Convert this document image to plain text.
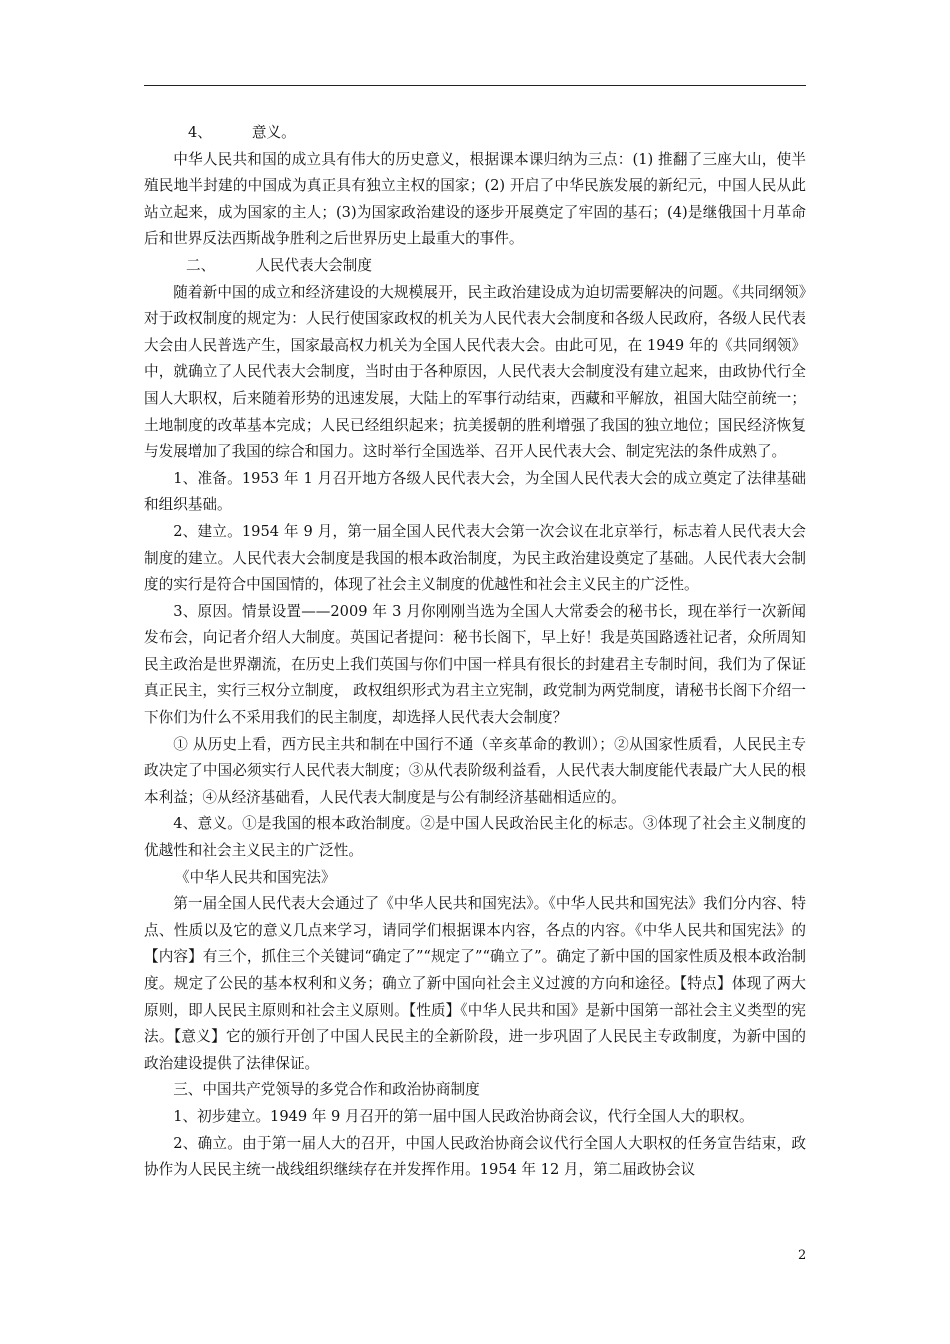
4、	意义。

中华人民共和国的成立具有伟大的历史意义，根据课本课归纳为三点：(1) 推翻了三座大山，使半殖民地半封建的中国成为真正具有独立主权的国家；(2) 开启了中华民族发展的新纪元，中国人民从此站立起来，成为国家的主人；(3)为国家政治建设的逐步开展奠定了牢固的基石；(4)是继俄国十月革命后和世界反法西斯战争胜利之后世界历史上最重大的事件。

二、	人民代表大会制度

随着新中国的成立和经济建设的大规模展开，民主政治建设成为迫切需要解决的问题。《共同纲领》对于政权制度的规定为：人民行使国家政权的机关为人民代表大会制度和各级人民政府，各级人民代表大会由人民普选产生，国家最高权力机关为全国人民代表大会。由此可见，在 1949 年的《共同纲领》中，就确立了人民代表大会制度，当时由于各种原因，人民代表大会制度没有建立起来，由政协代行全国人大职权，后来随着形势的迅速发展，大陆上的军事行动结束，西藏和平解放，祖国大陆空前统一；土地制度的改革基本完成；人民已经组织起来；抗美援朝的胜利增强了我国的独立地位；国民经济恢复与发展增加了我国的综合和国力。这时举行全国选举、召开人民代表大会、制定宪法的条件成熟了。

1、准备。1953 年 1 月召开地方各级人民代表大会，为全国人民代表大会的成立奠定了法律基础和组织基础。

2、建立。1954 年 9 月，第一届全国人民代表大会第一次会议在北京举行，标志着人民代表大会制度的建立。人民代表大会制度是我国的根本政治制度，为民主政治建设奠定了基础。人民代表大会制度的实行是符合中国国情的，体现了社会主义制度的优越性和社会主义民主的广泛性。

3、原因。情景设置——2009 年 3 月你刚刚当选为全国人大常委会的秘书长，现在举行一次新闻发布会，向记者介绍人大制度。英国记者提问：秘书长阁下，早上好！我是英国路透社记者，众所周知民主政治是世界潮流，在历史上我们英国与你们中国一样具有很长的封建君主专制时间，我们为了保证真正民主，实行三权分立制度， 政权组织形式为君主立宪制，政党制为两党制度，请秘书长阁下介绍一下你们为什么不采用我们的民主制度，却选择人民代表大会制度？

① 从历史上看，西方民主共和制在中国行不通（辛亥革命的教训）；②从国家性质看，人民民主专政决定了中国必须实行人民代表大制度；③从代表阶级利益看，人民代表大制度能代表最广大人民的根本利益；④从经济基础看，人民代表大制度是与公有制经济基础相适应的。

4、意义。①是我国的根本政治制度。②是中国人民政治民主化的标志。③体现了社会主义制度的优越性和社会主义民主的广泛性。

《中华人民共和国宪法》

第一届全国人民代表大会通过了《中华人民共和国宪法》。《中华人民共和国宪法》我们分内容、特点、性质以及它的意义几点来学习，请同学们根据课本内容，各点的内容。《中华人民共和国宪法》的【内容】有三个，抓住三个关键词“确定了”“规定了”“确立了”。确定了新中国的国家性质及根本政治制度。规定了公民的基本权利和义务；确立了新中国向社会主义过渡的方向和途径。【特点】体现了两大原则，即人民民主原则和社会主义原则。【性质】《中华人民共和国》是新中国第一部社会主义类型的宪法。【意义】它的颁行开创了中国人民民主的全新阶段，进一步巩固了人民民主专政制度，为新中国的政治建设提供了法律保证。

三、中国共产党领导的多党合作和政治协商制度

1、初步建立。1949 年 9 月召开的第一届中国人民政治协商会议，代行全国人大的职权。

2、确立。由于第一届人大的召开，中国人民政治协商会议代行全国人大职权的任务宣告结束，政协作为人民民主统一战线组织继续存在并发挥作用。1954 年 12 月，第二届政协会议

2
